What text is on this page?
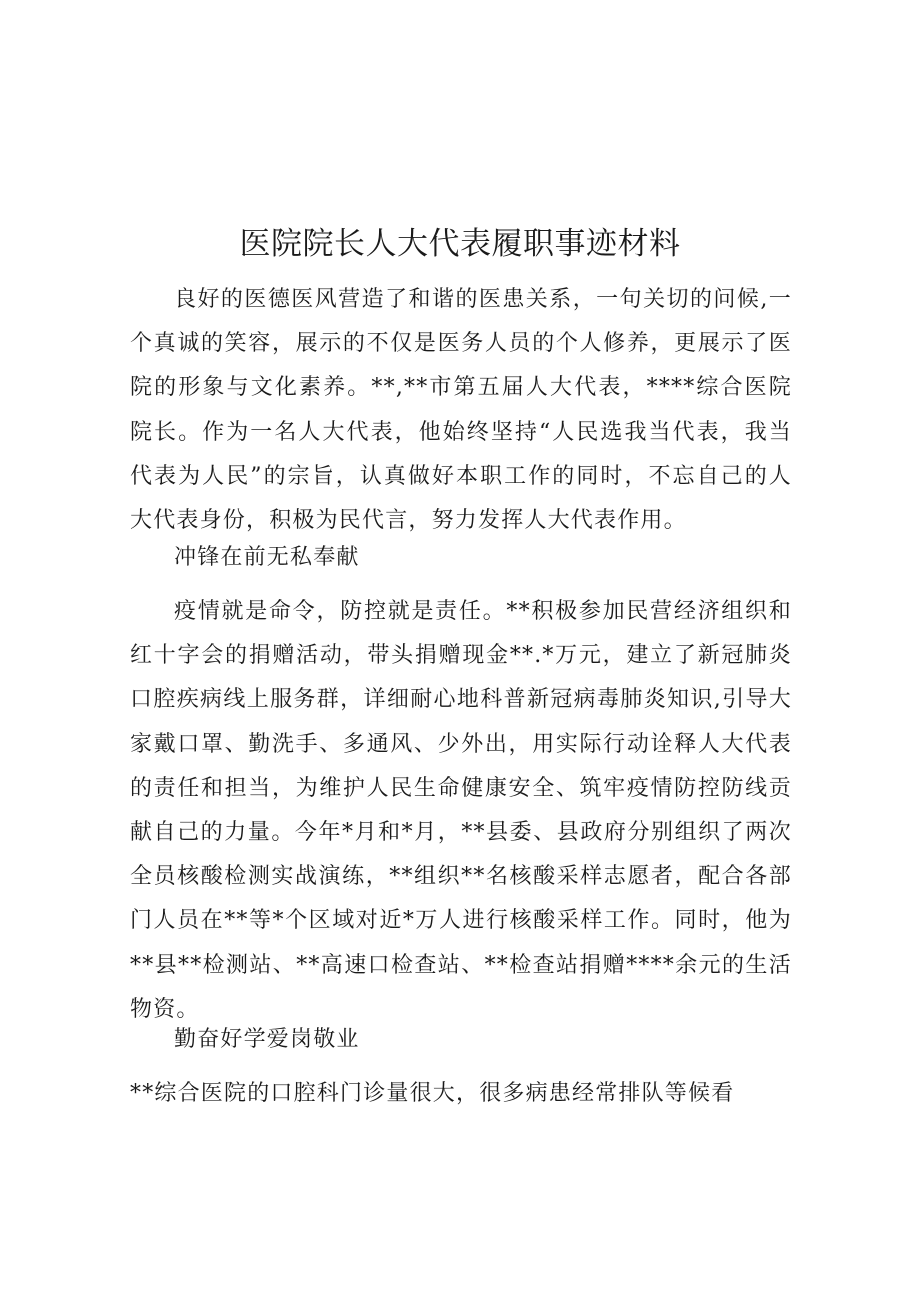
医院院长人大代表履职事迹材料

良好的医德医风营造了和谐的医患关系，一句关切的问候,一个真诚的笑容，展示的不仅是医务人员的个人修养，更展示了医院的形象与文化素养。**,**市第五届人大代表，****综合医院院长。作为一名人大代表，他始终坚持“人民选我当代表，我当代表为人民”的宗旨，认真做好本职工作的同时，不忘自己的人大代表身份，积极为民代言，努力发挥人大代表作用。

冲锋在前无私奉献

疫情就是命令，防控就是责任。**积极参加民营经济组织和红十字会的捐赠活动，带头捐赠现金**.*万元，建立了新冠肺炎口腔疾病线上服务群，详细耐心地科普新冠病毒肺炎知识,引导大家戴口罩、勤洗手、多通风、少外出，用实际行动诠释人大代表的责任和担当，为维护人民生命健康安全、筑牢疫情防控防线贡献自己的力量。今年*月和*月，**县委、县政府分别组织了两次全员核酸检测实战演练，**组织**名核酸采样志愿者，配合各部门人员在**等*个区域对近*万人进行核酸采样工作。同时，他为**县**检测站、**高速口检查站、**检查站捐赠****余元的生活物资。

勤奋好学爱岗敬业

**综合医院的口腔科门诊量很大，很多病患经常排队等候看
